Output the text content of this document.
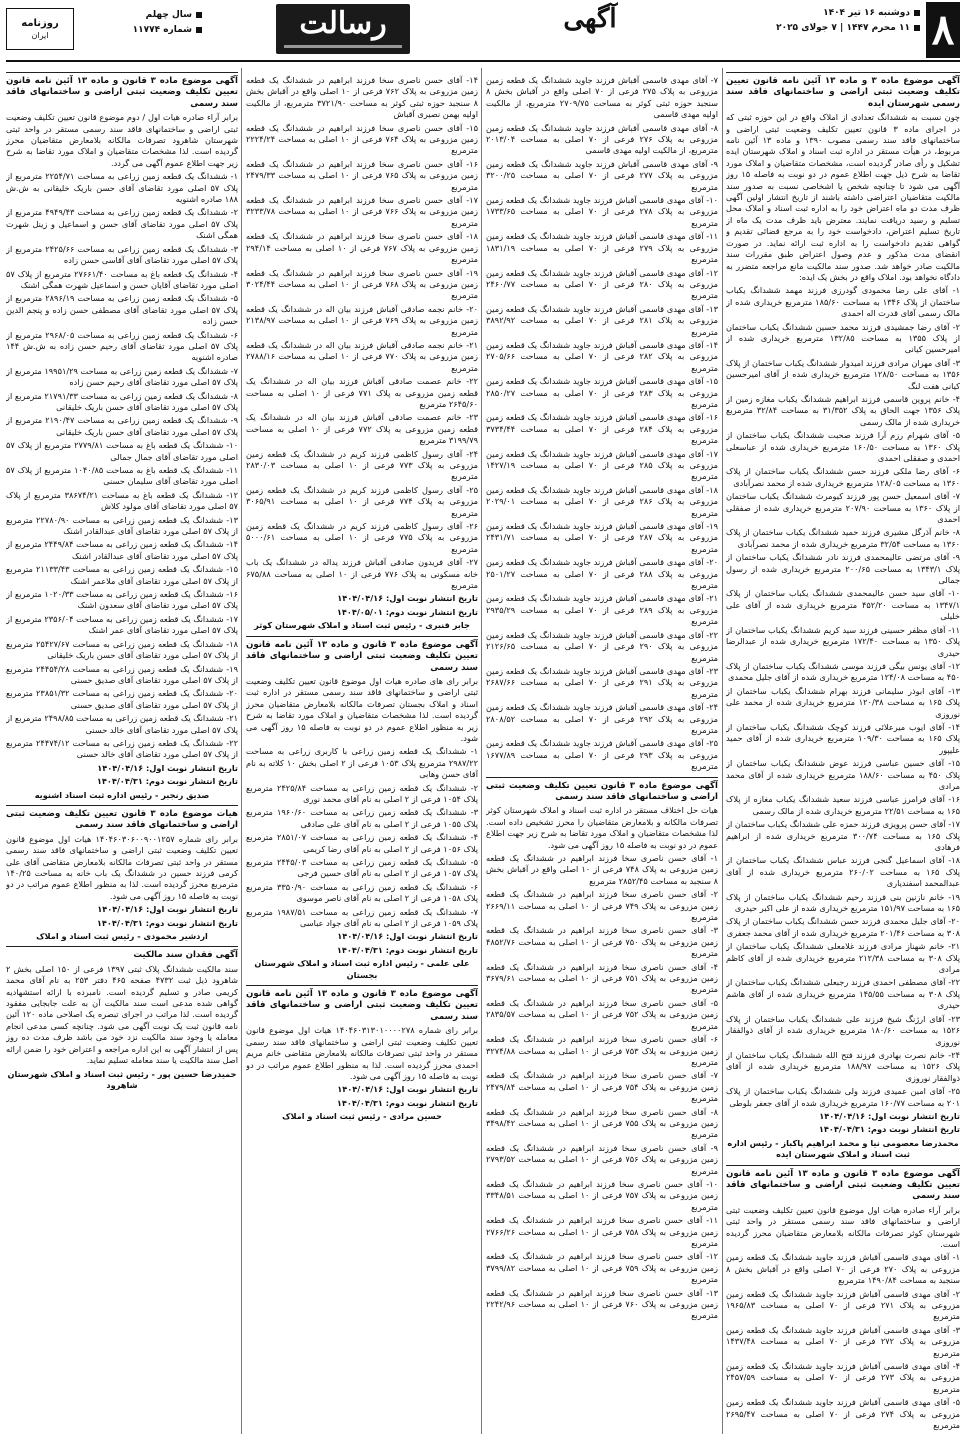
۸
دوشنبه ۱۶ تیر ۱۴۰۴
۱۱ محرم ۱۴۴۷ | ۷ جولای ۲۰۲۵
آگهی
رسالت
سال چهلم
شماره ۱۱۷۷۴
روزنامه
ایران

آگهی موضوع ماده ۳ و ماده ۱۳ آئین نامه قانون تعیین تکلیف وضعیت ثبتی اراضی و ساختمانهای فاقد سند رسمی شهرستان ایده

چون نسبت به ششدانگ تعدادی از املاک واقع در این حوزه ثبتی که در اجرای ماده ۳ قانون تعیین تکلیف وضعیت ثبتی اراضی و ساختمانهای فاقد سند رسمی مصوب ۱۳۹۰ و ماده ۱۳ آئین نامه مربوط، در هیأت مستقر در اداره ثبت اسناد و املاک شهرستان ایده تشکیل و رأی صادر گردیده است، مشخصات متقاضیان و املاک مورد تقاضا به شرح ذیل جهت اطلاع عموم در دو نوبت به فاصله ۱۵ روز آگهی می شود تا چنانچه شخص یا اشخاصی نسبت به صدور سند مالکیت متقاضیان اعتراضی داشته باشند از تاریخ انتشار اولین آگهی ظرف مدت دو ماه اعتراض خود را به اداره ثبت اسناد و املاک محل تسلیم و رسید دریافت نمایند. معترض باید ظرف مدت یک ماه از تاریخ تسلیم اعتراض، دادخواست خود را به مرجع قضائی تقدیم و گواهی تقدیم دادخواست را به اداره ثبت ارائه نماید. در صورت انقضای مدت مذکور و عدم وصول اعتراض طبق مقررات سند مالکیت صادر خواهد شد. صدور سند مالکیت مانع مراجعه متضرر به دادگاه نخواهد بود. املاک واقع در بخش یک ایده:

۱- آقای علی رضا محمودی گودرزی فرزند مهمد ششدانگ یکباب ساختمان از پلاک ۱۳۴۶ به مساحت ۱۸۵/۶۰ مترمربع خریداری شده از مالک رسمی آقای قدرت اله احمدی

۲- آقای رضا جمشیدی فرزند محمد حسین ششدانگ یکباب ساختمان از پلاک ۱۳۵۵ به مساحت ۱۳۲/۸۵ مترمربع خریداری شده از امیرحسین کیانی

۳- آقای مهران مرادی فرزند امیدوار ششدانگ یکباب ساختمان از پلاک ۱۳۵۶ به مساحت ۱۲۸/۵۰ مترمربع خریداری شده از آقای امیرحسین کیانی هفت لنگ

۴- خانم پروین قاسمی فرزند ابراهیم ششدانگ یکباب مغازه زمین از پلاک ۱۳۵۶ جهت الحاق به پلاک ۳۱/۳۵۲ به مساحت ۳۲/۸۴ مترمربع خریداری شده از مالک رسمی

۵- آقای شهرام رزم آرا فرزند صحبت ششدانگ یکباب ساختمان از پلاک ۱۳۶۰ به مساحت ۱۶۰/۵۰ مترمربع خریداری شده از عباسعلی احمدی و صفقلی احمدی

۶- آقای رضا ملکی فرزند حسن ششدانگ یکباب ساختمان از پلاک ۱۳۶۰ به مساحت ۱۲۸/۰۵ مترمربع خریداری شده از محمد نصرآبادی

۷- آقای اسمعیل حسن پور فرزند کیومرث ششدانگ یکباب ساختمان از پلاک ۱۳۶۰ به مساحت ۲۰۷/۹۰ مترمربع خریداری شده از صفقلی احمدی

۸- خانم آذرگل مشیری فرزند حمید ششدانگ یکباب ساختمان از پلاک ۱۳۶۰ به مساحت ۳۲/۵۴ مترمربع خریداری شده از محمد نصرآبادی

۹- آقای مرتضی عالیمحمدی فرزند نادر ششدانگ یکباب ساختمان از پلاک ۱۳۴۳/۱ به مساحت ۲۰۰/۶۵ مترمربع خریداری شده از رسول جمالی

۱۰- آقای سید حسن عالیمحمدی ششدانگ یکباب ساختمان از پلاک ۱۳۴۷/۱ به مساحت ۴۵۲/۲۰ مترمربع خریداری شده از آقای علی خلیلی

۱۱- آقای مظفر حسینی فرزند سید کریم ششدانگ یکباب ساختمان از پلاک ۱۳۵۰ به مساحت ۱۷۲/۴۰ مترمربع خریداری شده از عبدالرضا حیدری

۱۲- آقای یونس بیگی فرزند موسی ششدانگ یکباب ساختمان از پلاک ۴۵۰ به مساحت ۱۲۴/۰۸ مترمربع خریداری شده از آقای جلیل محمدی

۱۳- آقای ابوذر سلیمانی فرزند بهرام ششدانگ یکباب ساختمان از پلاک ۱۶۵ به مساحت ۱۲۰/۳۸ مترمربع خریداری شده از محمد علی نوروزی

۱۴- آقای ایوب میرعلائی فرزند کوچک ششدانگ یکباب ساختمان از پلاک ۱۶۵ به مساحت ۱۰۹/۳۰ مترمربع خریداری شده از آقای حمید علیپور

۱۵- آقای حسین عباسی فرزند عوض ششدانگ یکباب ساختمان از پلاک ۴۵۰ به مساحت ۱۸۸/۶۰ مترمربع خریداری شده از آقای محمد مرادی

۱۶- آقای فرامرز عباسی فرزند سعید ششدانگ یکباب مغازه از پلاک ۱۶۵ به مساحت ۲۲/۵۱ مترمربع خریداری شده از مالک رسمی

۱۷- آقای حسن پرویزی فرزند حمزه علی ششدانگ یکباب ساختمان از پلاک ۱۶۵ به مساحت ۳۰۰/۷۴ مترمربع خریداری شده از ابراهیم فرهادی

۱۸- آقای اسماعیل گنجی فرزند عباس ششدانگ یکباب ساختمان از پلاک ۱۶۵ به مساحت ۲۶۰/۰۲ مترمربع خریداری شده از آقای عبدالمحمد اسفندیاری

۱۹- خانم نازنین بنی فرزند رحیم ششدانگ یکباب ساختمان از پلاک ۱۶۵ به مساحت ۱۵۱/۹۷ مترمربع خریداری شده از علی اکبر حیدری

۲۰- آقای جلیل محمدی فرزند حسن ششدانگ یکباب ساختمان از پلاک ۳۰۸ به مساحت ۲۰۱/۴۶ مترمربع خریداری شده از آقای محمد جعفری

۲۱- خانم شهناز مرادی فرزند غلامعلی ششدانگ یکباب ساختمان از پلاک ۳۰۸ به مساحت ۲۱۲/۳۸ مترمربع خریداری شده از آقای کاظم مرادی

۲۲- آقای مصطفی احمدی فرزند رجبعلی ششدانگ یکباب ساختمان از پلاک ۳۰۸ به مساحت ۱۴۵/۵۵ مترمربع خریداری شده از آقای هاشم حیدری

۲۳- آقای ارژنگ شیخ فرزند علی ششدانگ یکباب ساختمان از پلاک ۱۵۲۶ به مساحت ۱۸۰/۶۰ مترمربع خریداری شده از آقای ذوالفقار نوروزی

۲۴- خانم نصرت بهادری فرزند فتح الله ششدانگ یکباب ساختمان از پلاک ۱۵۲۶ به مساحت ۱۸۸/۹۷ مترمربع خریداری شده از آقای ذوالفقار نوروزی

۲۵- آقای امین عمیدی فرزند ولی ششدانگ یکباب ساختمان از پلاک ۲۰۱ به مساحت ۱۶۰/۷۷ مترمربع خریداری شده از آقای جعفر بلوطی

تاریخ انتشار نوبت اول: ۱۴۰۴/۰۴/۱۶

تاریخ انتشار نوبت دوم: ۱۴۰۴/۰۴/۳۱

محمدرضا معصومی نیا و محمد ابراهیم پاکباز - رئیس اداره ثبت اسناد و املاک شهرستان ایده

آگهی موضوع ماده ۳ قانون و ماده ۱۳ آئین نامه قانون تعیین تکلیف وضعیت ثبتی اراضی و ساختمانهای فاقد سند رسمی

برابر آراء صادره هیات اول موضوع قانون تعیین تکلیف وضعیت ثبتی اراضی و ساختمانهای فاقد سند رسمی مستقر در واحد ثبتی شهرستان کوثر تصرفات مالکانه بلامعارض متقاضیان محرز گردیده است.

۱- آقای مهدی قاسمی آقباش فرزند جاوید ششدانگ یک قطعه زمین مزروعی به پلاک ۲۷۰ فرعی از ۷۰ اصلی واقع در آقباش بخش ۸ سنجبد به مساحت ۱۴۹۰/۸۴ مترمربع

۲- آقای مهدی قاسمی آقباش فرزند جاوید ششدانگ یک قطعه زمین مزروعی به پلاک ۲۷۱ فرعی از ۷۰ اصلی به مساحت ۱۹۶۵/۸۳ مترمربع

۳- آقای مهدی قاسمی آقباش فرزند جاوید ششدانگ یک قطعه زمین مزروعی به پلاک ۲۷۲ فرعی از ۷۰ اصلی به مساحت ۱۴۳۷/۴۸ مترمربع

۴- آقای مهدی قاسمی آقباش فرزند جاوید ششدانگ یک قطعه زمین مزروعی به پلاک ۲۷۳ فرعی از ۷۰ اصلی به مساحت ۲۴۵۷/۵۹ مترمربع

۵- آقای مهدی قاسمی آقباش فرزند جاوید ششدانگ یک قطعه زمین مزروعی به پلاک ۲۷۴ فرعی از ۷۰ اصلی به مساحت ۲۶۹۵/۴۷ مترمربع

۷- آقای مهدی قاسمی آقباش فرزند جاوید ششدانگ یک قطعه زمین مزروعی به پلاک ۲۷۵ فرعی از ۷۰ اصلی واقع در آقباش بخش ۸ سنجبد حوزه ثبتی کوثر به مساحت ۲۷۰۹/۷۵ مترمربع، از مالکیت اولیه مهدی قاسمی

۸- آقای مهدی قاسمی آقباش فرزند جاوید ششدانگ یک قطعه زمین مزروعی به پلاک ۲۷۶ فرعی از ۷۰ اصلی به مساحت ۲۰۱۳/۰۴ مترمربع، از مالکیت اولیه مهدی قاسمی

۹- آقای مهدی قاسمی آقباش فرزند جاوید ششدانگ یک قطعه زمین مزروعی به پلاک ۲۷۷ فرعی از ۷۰ اصلی به مساحت ۳۲۰۰/۲۵ مترمربع

۱۰- آقای مهدی قاسمی آقباش فرزند جاوید ششدانگ یک قطعه زمین مزروعی به پلاک ۲۷۸ فرعی از ۷۰ اصلی به مساحت ۱۷۳۳/۶۵ مترمربع

۱۱- آقای مهدی قاسمی آقباش فرزند جاوید ششدانگ یک قطعه زمین مزروعی به پلاک ۲۷۹ فرعی از ۷۰ اصلی به مساحت ۱۸۳۱/۱۹ مترمربع

۱۲- آقای مهدی قاسمی آقباش فرزند جاوید ششدانگ یک قطعه زمین مزروعی به پلاک ۲۸۰ فرعی از ۷۰ اصلی به مساحت ۲۴۶۰/۷۷ مترمربع

۱۳- آقای مهدی قاسمی آقباش فرزند جاوید ششدانگ یک قطعه زمین مزروعی به پلاک ۲۸۱ فرعی از ۷۰ اصلی به مساحت ۳۸۹۲/۹۲ مترمربع

۱۴- آقای مهدی قاسمی آقباش فرزند جاوید ششدانگ یک قطعه زمین مزروعی به پلاک ۲۸۲ فرعی از ۷۰ اصلی به مساحت ۲۷۰۵/۶۶ مترمربع

۱۵- آقای مهدی قاسمی آقباش فرزند جاوید ششدانگ یک قطعه زمین مزروعی به پلاک ۲۸۳ فرعی از ۷۰ اصلی به مساحت ۲۸۵۰/۲۷ مترمربع

۱۶- آقای مهدی قاسمی آقباش فرزند جاوید ششدانگ یک قطعه زمین مزروعی به پلاک ۲۸۴ فرعی از ۷۰ اصلی به مساحت ۳۷۳۴/۴۴ مترمربع

۱۷- آقای مهدی قاسمی آقباش فرزند جاوید ششدانگ یک قطعه زمین مزروعی به پلاک ۲۸۵ فرعی از ۷۰ اصلی به مساحت ۱۴۲۷/۱۹ مترمربع

۱۸- آقای مهدی قاسمی آقباش فرزند جاوید ششدانگ یک قطعه زمین مزروعی به پلاک ۲۸۶ فرعی از ۷۰ اصلی به مساحت ۲۰۲۹/۰۱ مترمربع

۱۹- آقای مهدی قاسمی آقباش فرزند جاوید ششدانگ یک قطعه زمین مزروعی به پلاک ۲۸۷ فرعی از ۷۰ اصلی به مساحت ۲۴۳۱/۷۱ مترمربع

۲۰- آقای مهدی قاسمی آقباش فرزند جاوید ششدانگ یک قطعه زمین مزروعی به پلاک ۲۸۸ فرعی از ۷۰ اصلی به مساحت ۲۵۰۱/۲۷ مترمربع

۲۱- آقای مهدی قاسمی آقباش فرزند جاوید ششدانگ یک قطعه زمین مزروعی به پلاک ۲۸۹ فرعی از ۷۰ اصلی به مساحت ۲۹۳۵/۲۹ مترمربع

۲۲- آقای مهدی قاسمی آقباش فرزند جاوید ششدانگ یک قطعه زمین مزروعی به پلاک ۲۹۰ فرعی از ۷۰ اصلی به مساحت ۲۱۲۶/۶۵ مترمربع

۲۳- آقای مهدی قاسمی آقباش فرزند جاوید ششدانگ یک قطعه زمین مزروعی به پلاک ۲۹۱ فرعی از ۷۰ اصلی به مساحت ۲۶۸۷/۶۶ مترمربع

۲۴- آقای مهدی قاسمی آقباش فرزند جاوید ششدانگ یک قطعه زمین مزروعی به پلاک ۲۹۲ فرعی از ۷۰ اصلی به مساحت ۲۸۰۸/۵۲ مترمربع

۲۵- آقای مهدی قاسمی آقباش فرزند جاوید ششدانگ یک قطعه زمین مزروعی به پلاک ۲۹۳ فرعی از ۷۰ اصلی به مساحت ۱۶۷۷/۸۹ مترمربع

آگهی موضوع ماده ۳ قانون تعیین تکلیف وضعیت ثبتی اراضی و ساختمانهای فاقد سند رسمی

هیات حل اختلاف مستقر در اداره ثبت اسناد و املاک شهرستان کوثر تصرفات مالکانه و بلامعارض متقاضیان را محرز تشخیص داده است. لذا مشخصات متقاضیان و املاک مورد تقاضا به شرح زیر جهت اطلاع عموم در دو نوبت به فاصله ۱۵ روز آگهی می شود.

۱- آقای حسن ناصری سخا فرزند ابراهیم در ششدانگ یک قطعه زمین مزروعی به پلاک ۷۴۸ فرعی از ۱۰ اصلی واقع در آقباش بخش ۸ سنجبد به مساحت ۲۸۵۲/۴۵ مترمربع

۲- آقای حسن ناصری سخا فرزند ابراهیم در ششدانگ یک قطعه زمین مزروعی به پلاک ۷۴۹ فرعی از ۱۰ اصلی به مساحت ۲۶۶۹/۱۱ مترمربع

۳- آقای حسن ناصری سخا فرزند ابراهیم در ششدانگ یک قطعه زمین مزروعی به پلاک ۷۵۰ فرعی از ۱۰ اصلی به مساحت ۴۸۵۲/۷۶ مترمربع

۴- آقای حسن ناصری سخا فرزند ابراهیم در ششدانگ یک قطعه زمین مزروعی به پلاک ۷۵۱ فرعی از ۱۰ اصلی به مساحت ۳۶۷۹/۶۱ مترمربع

۵- آقای حسن ناصری سخا فرزند ابراهیم در ششدانگ یک قطعه زمین مزروعی به پلاک ۷۵۲ فرعی از ۱۰ اصلی به مساحت ۲۸۳۵/۵۷ مترمربع

۶- آقای حسن ناصری سخا فرزند ابراهیم در ششدانگ یک قطعه زمین مزروعی به پلاک ۷۵۳ فرعی از ۱۰ اصلی به مساحت ۳۲۷۴/۸۸ مترمربع

۷- آقای حسن ناصری سخا فرزند ابراهیم در ششدانگ یک قطعه زمین مزروعی به پلاک ۷۵۴ فرعی از ۱۰ اصلی به مساحت ۲۴۷۹/۸۴ مترمربع

۸- آقای حسن ناصری سخا فرزند ابراهیم در ششدانگ یک قطعه زمین مزروعی به پلاک ۷۵۵ فرعی از ۱۰ اصلی به مساحت ۳۴۹۸/۴۲ مترمربع

۹- آقای حسن ناصری سخا فرزند ابراهیم در ششدانگ یک قطعه زمین مزروعی به پلاک ۷۵۶ فرعی از ۱۰ اصلی به مساحت ۲۷۹۳/۵۲ مترمربع

۱۰- آقای حسن ناصری سخا فرزند ابراهیم در ششدانگ یک قطعه زمین مزروعی به پلاک ۷۵۷ فرعی از ۱۰ اصلی به مساحت ۳۳۴۸/۵۱ مترمربع

۱۱- آقای حسن ناصری سخا فرزند ابراهیم در ششدانگ یک قطعه زمین مزروعی به پلاک ۷۵۸ فرعی از ۱۰ اصلی به مساحت ۲۷۶۶/۲۶ مترمربع

۱۲- آقای حسن ناصری سخا فرزند ابراهیم در ششدانگ یک قطعه زمین مزروعی به پلاک ۷۵۹ فرعی از ۱۰ اصلی به مساحت ۳۷۹۹/۸۲ مترمربع

۱۳- آقای حسن ناصری سخا فرزند ابراهیم در ششدانگ یک قطعه زمین مزروعی به پلاک ۷۶۰ فرعی از ۱۰ اصلی به مساحت ۲۲۴۲/۹۶ مترمربع

۱۴- آقای حسن ناصری سخا فرزند ابراهیم در ششدانگ یک قطعه زمین مزروعی به پلاک ۷۶۲ فرعی از ۱۰ اصلی واقع در آقباش بخش ۸ سنجبد حوزه ثبتی کوثر به مساحت ۳۷۲۱/۹۰ مترمربع، از مالکیت اولیه بهمن نصیری آقباش

۱۵- آقای حسن ناصری سخا فرزند ابراهیم در ششدانگ یک قطعه زمین مزروعی به پلاک ۷۶۴ فرعی از ۱۰ اصلی به مساحت ۲۲۲۴/۲۴ مترمربع

۱۶- آقای حسن ناصری سخا فرزند ابراهیم در ششدانگ یک قطعه زمین مزروعی به پلاک ۷۶۵ فرعی از ۱۰ اصلی به مساحت ۲۴۷۹/۳۳ مترمربع

۱۷- آقای حسن ناصری سخا فرزند ابراهیم در ششدانگ یک قطعه زمین مزروعی به پلاک ۷۶۶ فرعی از ۱۰ اصلی به مساحت ۳۲۳۳/۷۸ مترمربع

۱۸- آقای حسن ناصری سخا فرزند ابراهیم در ششدانگ یک قطعه زمین مزروعی به پلاک ۷۶۷ فرعی از ۱۰ اصلی به مساحت ۲۹۴/۱۴ مترمربع

۱۹- آقای حسن ناصری سخا فرزند ابراهیم در ششدانگ یک قطعه زمین مزروعی به پلاک ۷۶۸ فرعی از ۱۰ اصلی به مساحت ۳۰۲۴/۴۴ مترمربع

۲۰- خانم نجمه صادقی آقباش فرزند بیان اله در ششدانگ یک قطعه زمین مزروعی به پلاک ۷۶۹ فرعی از ۱۰ اصلی به مساحت ۲۱۳۸/۹۷ مترمربع

۲۱- خانم نجمه صادقی آقباش فرزند بیان اله در ششدانگ یک قطعه زمین مزروعی به پلاک ۷۷۰ فرعی از ۱۰ اصلی به مساحت ۲۷۸۸/۱۶ مترمربع

۲۲- خانم عصمت صادقی آقباش فرزند بیان اله در ششدانگ یک قطعه زمین مزروعی به پلاک ۷۷۱ فرعی از ۱۰ اصلی به مساحت ۲۶۴۵/۶۰ مترمربع

۲۳- خانم عصمت صادقی آقباش فرزند بیان اله در ششدانگ یک قطعه زمین مزروعی به پلاک ۷۷۲ فرعی از ۱۰ اصلی به مساحت ۳۱۹۹/۷۹ مترمربع

۲۴- آقای رسول کاظمی فرزند کریم در ششدانگ یک قطعه زمین مزروعی به پلاک ۷۷۳ فرعی از ۱۰ اصلی به مساحت ۲۸۳۰/۰۳ مترمربع

۲۵- آقای رسول کاظمی فرزند کریم در ششدانگ یک قطعه زمین مزروعی به پلاک ۷۷۴ فرعی از ۱۰ اصلی به مساحت ۳۰۶۵/۹۱ مترمربع

۲۶- آقای رسول کاظمی فرزند کریم در ششدانگ یک قطعه زمین مزروعی به پلاک ۷۷۵ فرعی از ۱۰ اصلی به مساحت ۵۰۰۰/۶۱ مترمربع

۲۷- آقای فریدون صادقی آقباش فرزند یداله در ششدانگ یک باب خانه مسکونی به پلاک ۷۷۶ فرعی از ۱۰ اصلی به مساحت ۶۷۵/۸۸ مترمربع

تاریخ انتشار نوبت اول: ۱۴۰۴/۰۴/۱۶

تاریخ انتشار نوبت دوم: ۱۴۰۴/۰۵/۰۱

جابر قنبری - رئیس ثبت اسناد و املاک شهرستان کوثر

آگهی موضوع ماده ۳ قانون و ماده ۱۳ آئین نامه قانون تعیین تکلیف وضعیت ثبتی اراضی و ساختمانهای فاقد سند رسمی

برابر رای های صادره هیات اول موضوع قانون تعیین تکلیف وضعیت ثبتی اراضی و ساختمانهای فاقد سند رسمی مستقر در اداره ثبت اسناد و املاک بجستان تصرفات مالکانه بلامعارض متقاضیان محرز گردیده است. لذا مشخصات متقاضیان و املاک مورد تقاضا به شرح زیر به منظور اطلاع عموم در دو نوبت به فاصله ۱۵ روز آگهی می شود.

۱- ششدانگ یک قطعه زمین زراعی با کاربری زراعی به مساحت ۲۹۸۷/۲۲ مترمربع پلاک ۱۰۵۳ فرعی از ۲ اصلی بخش ۱۰ کلاته به نام آقای حسن وهابی

۲- ششدانگ یک قطعه زمین زراعی به مساحت ۲۴۲۵/۸۴ مترمربع پلاک ۱۰۵۴ فرعی از ۲ اصلی به نام آقای محمد نوری

۳- ششدانگ یک قطعه زمین زراعی به مساحت ۱۹۶۰/۶۰ مترمربع پلاک ۱۰۵۵ فرعی از ۲ اصلی به نام آقای علی صادقی

۴- ششدانگ یک قطعه زمین زراعی به مساحت ۲۸۵۱/۰۷ مترمربع پلاک ۱۰۵۶ فرعی از ۲ اصلی به نام آقای رضا کریمی

۵- ششدانگ یک قطعه زمین زراعی به مساحت ۲۴۴۵/۰۳ مترمربع پلاک ۱۰۵۷ فرعی از ۲ اصلی به نام آقای حسین فرجی

۶- ششدانگ یک قطعه زمین زراعی به مساحت ۳۳۵۰/۹۰ مترمربع پلاک ۱۰۵۸ فرعی از ۲ اصلی به نام آقای ناصر موسوی

۷- ششدانگ یک قطعه زمین زراعی به مساحت ۱۹۸۷/۵۱ مترمربع پلاک ۱۰۵۹ فرعی از ۲ اصلی به نام آقای جواد عباسی

تاریخ انتشار نوبت اول: ۱۴۰۴/۰۴/۱۶

تاریخ انتشار نوبت دوم: ۱۴۰۴/۰۴/۳۱

علی علمی - رئیس اداره ثبت اسناد و املاک شهرستان بجستان

آگهی موضوع ماده ۳ قانون و ماده ۱۳ آئین نامه قانون تعیین تکلیف وضعیت ثبتی اراضی و ساختمانهای فاقد سند رسمی

برابر رای شماره ۱۴۰۴۶۰۳۱۳۰۱۰۰۰۰۲۷۸ هیات اول موضوع قانون تعیین تکلیف وضعیت ثبتی اراضی و ساختمانهای فاقد سند رسمی مستقر در واحد ثبتی تصرفات مالکانه بلامعارض متقاضی خانم مریم احمدی محرز گردیده است. لذا به منظور اطلاع عموم مراتب در دو نوبت به فاصله ۱۵ روز آگهی می شود.

تاریخ انتشار نوبت اول: ۱۴۰۴/۰۴/۱۶

تاریخ انتشار نوبت دوم: ۱۴۰۴/۰۴/۳۱

حسین مرادی - رئیس ثبت اسناد و املاک

آگهی موضوع ماده ۳ قانون و ماده ۱۳ آئین نامه قانون تعیین تکلیف وضعیت ثبتی اراضی و ساختمانهای فاقد سند رسمی

برابر آراء صادره هیات اول / دوم موضوع قانون تعیین تکلیف وضعیت ثبتی اراضی و ساختمانهای فاقد سند رسمی مستقر در واحد ثبتی شهرستان شاهرود تصرفات مالکانه بلامعارض متقاضیان محرز گردیده است. لذا مشخصات متقاضیان و املاک مورد تقاضا به شرح زیر جهت اطلاع عموم آگهی می گردد.

۱- ششدانگ یک قطعه زمین زراعی به مساحت ۲۲۵۴/۷۱ مترمربع از پلاک ۵۷ اصلی مورد تقاضای آقای حسن باریک خلیقانی به ش.ش ۱۸۸ صادره اشنویه

۲- ششدانگ یک قطعه زمین زراعی به مساحت ۴۹۴۹/۴۳ مترمربع از پلاک ۵۷ اصلی مورد تقاضای آقای حسن و اسماعیل و زینل شهرت همگی اشنک

۳- ششدانگ یک قطعه زمین زراعی به مساحت ۲۴۲۵/۶۶ مترمربع از پلاک ۵۷ اصلی مورد تقاضای آقای آقاسی حسن زاده

۴- ششدانگ یک قطعه باغ به مساحت ۲۷۶۶۱/۴۰ مترمربع از پلاک ۵۷ اصلی مورد تقاضای آقایان حسن و اسماعیل شهرت همگی اشنک

۵- ششدانگ یک قطعه زمین زراعی به مساحت ۲۸۹۶/۱۹ مترمربع از پلاک ۵۷ اصلی مورد تقاضای آقای مصطفی حسن زاده و پنجم الدین حسن زاده

۶- ششدانگ یک قطعه زمین زراعی به مساحت ۲۹۶۸/۰۵ مترمربع از پلاک ۵۷ اصلی مورد تقاضای آقای رحیم حسن زاده به ش.ش ۱۴۴ صادره اشنویه

۷- ششدانگ یک قطعه زمین زراعی به مساحت ۱۹۹۵۱/۲۹ مترمربع از پلاک ۵۷ اصلی مورد تقاضای آقای رحیم حسن زاده

۸- ششدانگ یک قطعه زمین زراعی به مساحت ۲۱۷۹۱/۳۳ مترمربع از پلاک ۵۷ اصلی مورد تقاضای آقای حسن باریک خلیقانی

۹- ششدانگ یک قطعه زمین زراعی به مساحت ۲۱۹۰/۴۷ مترمربع از پلاک ۵۷ اصلی مورد تقاضای آقای حسن باریک خلیقانی

۱۰- ششدانگ یک قطعه باغ به مساحت ۲۷۷۹/۸۱ مترمربع از پلاک ۵۷ اصلی مورد تقاضای آقای جمال جمالی

۱۱- ششدانگ یک قطعه باغ به مساحت ۱۰۴۰/۸۵ مترمربع از پلاک ۵۷ اصلی مورد تقاضای آقای سلیمان حسنی

۱۲- ششدانگ یک قطعه باغ به مساحت ۳۸۶۷۴/۲۱ مترمربع از پلاک ۵۷ اصلی مورد تقاضای آقای مولود کلاش

۱۳- ششدانگ یک قطعه زمین زراعی به مساحت ۲۲۷۸۰/۹۰ مترمربع از پلاک ۵۷ اصلی مورد تقاضای آقای عبدالقادر اشنک

۱۴- ششدانگ یک قطعه زمین زراعی به مساحت ۲۴۴۹/۸۴ مترمربع از پلاک ۵۷ اصلی مورد تقاضای آقای عبدالقادر اشنک

۱۵- ششدانگ یک قطعه زمین زراعی به مساحت ۲۱۱۳۳/۴۳ مترمربع از پلاک ۵۷ اصلی مورد تقاضای آقای ملاعمر اشنک

۱۶- ششدانگ یک قطعه زمین زراعی به مساحت ۱۰۲۰/۳۳ مترمربع از پلاک ۵۷ اصلی مورد تقاضای آقای سعدون اشنک

۱۷- ششدانگ یک قطعه زمین زراعی به مساحت ۲۳۵۶/۰۴ مترمربع از پلاک ۵۷ اصلی مورد تقاضای آقای عمر اشنک

۱۸- ششدانگ یک قطعه زمین زراعی به مساحت ۲۵۴۲۷/۶۷ مترمربع از پلاک ۵۷ اصلی مورد تقاضای آقای حسن باریک خلیقانی

۱۹- ششدانگ یک قطعه زمین زراعی به مساحت ۲۴۴۵۴/۲۸ مترمربع از پلاک ۵۷ اصلی مورد تقاضای آقای صدیق حسنی

۲۰- ششدانگ یک قطعه زمین زراعی به مساحت ۲۳۸۵۱/۳۲ مترمربع از پلاک ۵۷ اصلی مورد تقاضای آقای صدیق حسنی

۲۱- ششدانگ یک قطعه زمین زراعی به مساحت ۲۴۹۸/۸۵ مترمربع از پلاک ۵۷ اصلی مورد تقاضای آقای خالد حسنی

۲۲- ششدانگ یک قطعه زمین زراعی به مساحت ۲۴۴۷۴/۱۲ مترمربع از پلاک ۵۷ اصلی مورد تقاضای آقای خالد حسنی

تاریخ انتشار نوبت اول: ۱۴۰۴/۰۴/۱۶

تاریخ انتشار نوبت دوم: ۱۴۰۴/۰۴/۳۱

صدیق رنجبر - رئیس اداره ثبت اسناد اشنویه

هیات موضوع ماده ۳ قانون تعیین تکلیف وضعیت ثبتی اراضی و ساختمانهای فاقد سند رسمی

برابر رای شماره ۱۴۰۴۶۰۳۰۶۰۰۹۰۰۱۲۵۷ هیات اول موضوع قانون تعیین تکلیف وضعیت ثبتی اراضی و ساختمانهای فاقد سند رسمی مستقر در واحد ثبتی تصرفات مالکانه بلامعارض متقاضی آقای علی کرمی فرزند حسین در ششدانگ یک باب خانه به مساحت ۱۴۰/۲۵ مترمربع محرز گردیده است. لذا به منظور اطلاع عموم مراتب در دو نوبت به فاصله ۱۵ روز آگهی می شود.

تاریخ انتشار نوبت اول: ۱۴۰۴/۰۴/۱۶

تاریخ انتشار نوبت دوم: ۱۴۰۴/۰۴/۳۱

اردشیر محمودی - رئیس ثبت اسناد و املاک

آگهی فقدان سند مالکیت

سند مالکیت ششدانگ پلاک ثبتی ۱۳۹۷ فرعی از ۱۵۰ اصلی بخش ۲ شاهرود ذیل ثبت ۴۷۳۲ صفحه ۴۶۵ دفتر ۲۵۳ به نام آقای محمد کریمی صادر و تسلیم گردیده است. نامبرده با ارائه استشهادیه گواهی شده مدعی است سند مالکیت آن به علت جابجایی مفقود گردیده است. لذا مراتب در اجرای تبصره یک اصلاحی ماده ۱۲۰ آئین نامه قانون ثبت یک نوبت آگهی می شود. چنانچه کسی مدعی انجام معامله یا وجود سند مالکیت نزد خود می باشد ظرف مدت ده روز پس از انتشار آگهی به این اداره مراجعه و اعتراض خود را ضمن ارائه اصل سند مالکیت یا سند معامله تسلیم نماید.

حمیدرضا حسین پور - رئیس ثبت اسناد و املاک شهرستان شاهرود
